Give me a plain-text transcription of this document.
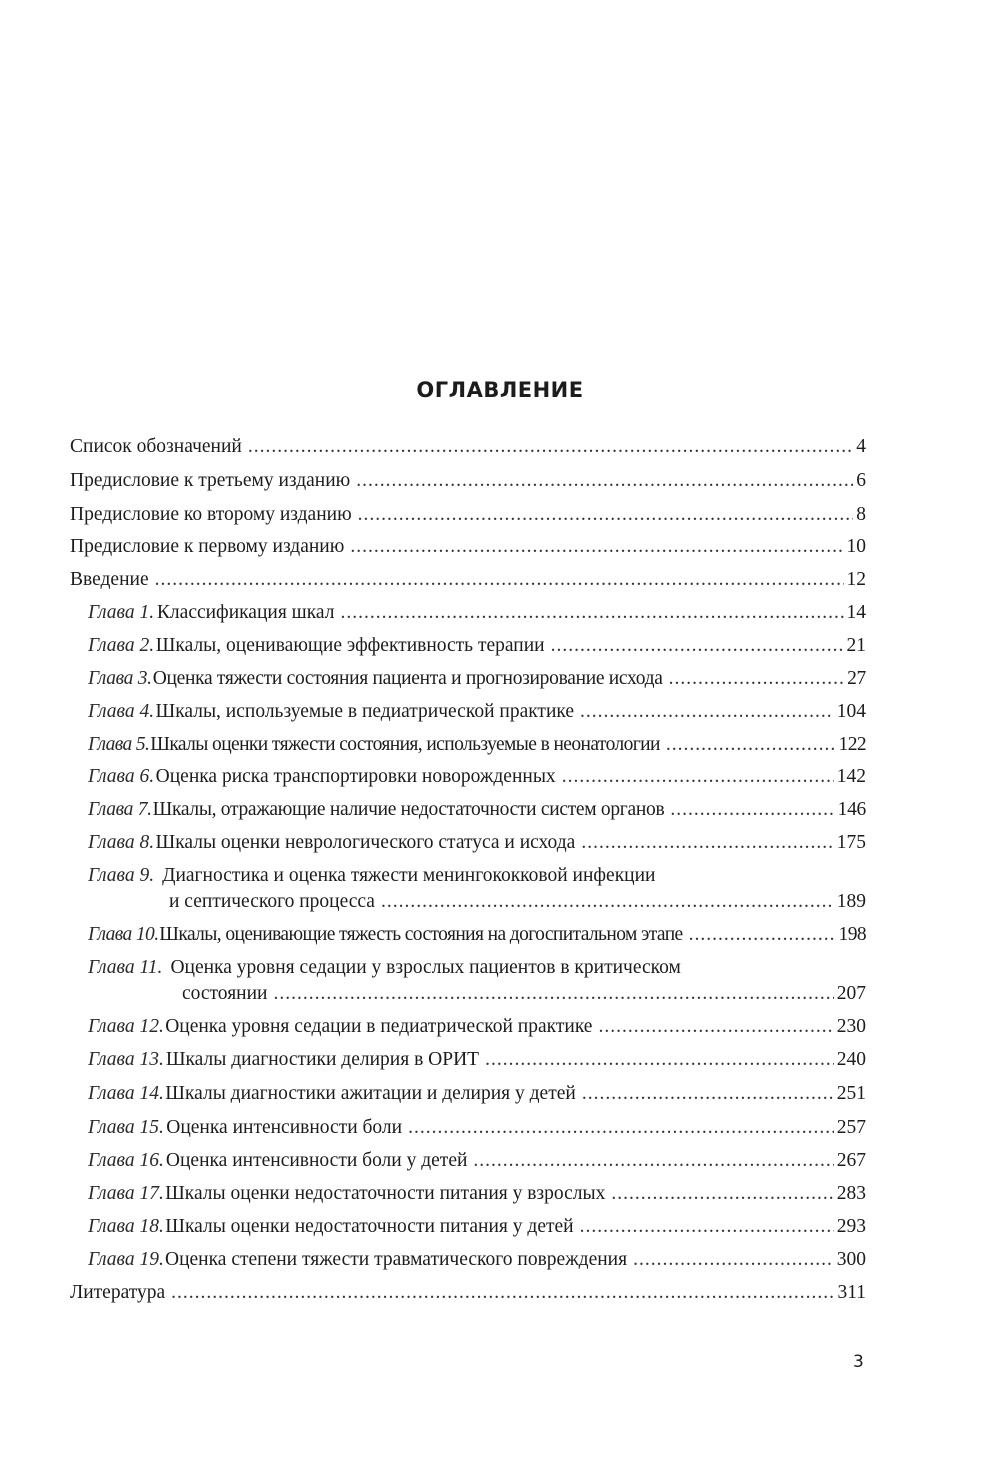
ОГЛАВЛЕНИЕ
Список обозначений .....	4
Предисловие к третьему изданию .....	6
Предисловие ко второму изданию .....	8
Предисловие к первому изданию .....	10
Введение .....	12
Глава 1. Классификация шкал .....	14
Глава 2. Шкалы, оценивающие эффективность терапии .....	21
Глава 3. Оценка тяжести состояния пациента и прогнозирование исхода .....	27
Глава 4. Шкалы, используемые в педиатрической практике .....	104
Глава 5. Шкалы оценки тяжести состояния, используемые в неонатологии .....	122
Глава 6. Оценка риска транспортировки новорожденных .....	142
Глава 7. Шкалы, отражающие наличие недостаточности систем органов .....	146
Глава 8. Шкалы оценки неврологического статуса и исхода .....	175
Глава 9. Диагностика и оценка тяжести менингококковой инфекции
и септического процесса .....	189
Глава 10. Шкалы, оценивающие тяжесть состояния на догоспитальном этапе .....	198
Глава 11. Оценка уровня седации у взрослых пациентов в критическом
состоянии .....	207
Глава 12. Оценка уровня седации в педиатрической практике .....	230
Глава 13. Шкалы диагностики делирия в ОРИТ .....	240
Глава 14. Шкалы диагностики ажитации и делирия у детей .....	251
Глава 15. Оценка интенсивности боли .....	257
Глава 16. Оценка интенсивности боли у детей .....	267
Глава 17. Шкалы оценки недостаточности питания у взрослых .....	283
Глава 18. Шкалы оценки недостаточности питания у детей .....	293
Глава 19. Оценка степени тяжести травматического повреждения .....	300
Литература .....	311
3
